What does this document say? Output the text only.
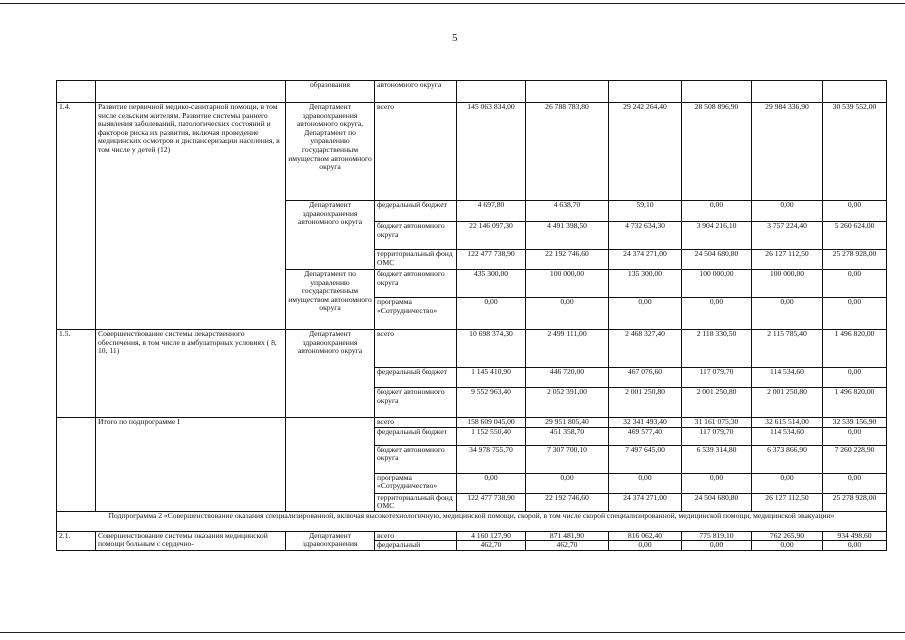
5
		образования	автономного округа						
1.4.	Развитие первичной медико-санитарной помощи, в том числе сельским жителям. Развитие системы раннего выявления заболеваний, патологических состояний и факторов риска их развития, включая проведение медицинских осмотров и диспансеризации населения, в том числе у детей (12)	Департамент здравоохранения автономного округа, Департамент по управлению государственным имуществом автономного округа	всего	145 063 834,00	26 788 783,80	29 242 264,40	28 508 896,90	29 984 336,90	30 539 552,00
		Департамент здравоохранения автономного округа	федеральный бюджет	4 697,80	4 638,70	59,10	0,00	0,00	0,00
			бюджет автономного округа	22 146 097,30	4 491 398,50	4 732 634,30	3 904 216,10	3 757 224,40	5 260 624,00
			территориальный фонд ОМС	122 477 738,90	22 192 746,60	24 374 271,00	24 504 680,80	26 127 112,50	25 278 928,00
		Департамент по управлению государственным имуществом автономного округа	бюджет автономного округа	435 300,00	100 000,00	135 300,00	100 000,00	100 000,00	0,00
			программа «Сотрудничество»	0,00	0,00	0,00	0,00	0,00	0,00
1.5.	Совершенствование системы лекарственного обеспечения, в том числе в амбулаторных условиях ( 8, 10, 11)	Департамент здравоохранения автономного округа	всего	10 698 374,30	2 499 111,00	2 468 327,40	2 118 330,50	2 115 785,40	1 496 820,00
			федеральный бюджет	1 145 410,90	446 720,00	467 076,60	117 079,70	114 534,60	0,00
			бюджет автономного округа	9 552 963,40	2 052 391,00	2 001 250,80	2 001 250,80	2 001 250,80	1 496 820,00
	Итого по подпрограмме I		всего	158 609 045,00	29 951 805,40	32 341 493,40	31 161 075,30	32 615 514,00	32 539 156,90
			федеральный бюджет	1 152 550,40	451 358,70	469 577,40	117 079,70	114 534,60	0,00
			бюджет автономного округа	34 978 755,70	7 307 700,10	7 497 645,00	6 539 314,80	6 373 866,90	7 260 228,90
			программа «Сотрудничество»	0,00	0,00	0,00	0,00	0,00	0,00
			территориальный фонд ОМС	122 477 738,90	22 192 746,60	24 374 271,00	24 504 680,80	26 127 112,50	25 278 928,00
Подпрограмма 2 «Совершенствование оказания специализированной, включая высокотехнологичную, медицинской помощи, скорой, в том числе скорой специализированной, медицинской помощи, медицинской эвакуации»									
2.1.	Совершенствование системы оказания медицинской помощи больным с сердечно-	Департамент здравоохранения	всего	4 160 127,90	871 481,90	816 062,40	775 819,10	762 265,90	934 498,60
			федеральный	462,70	462,70	0,00	0,00	0,00	0,00
